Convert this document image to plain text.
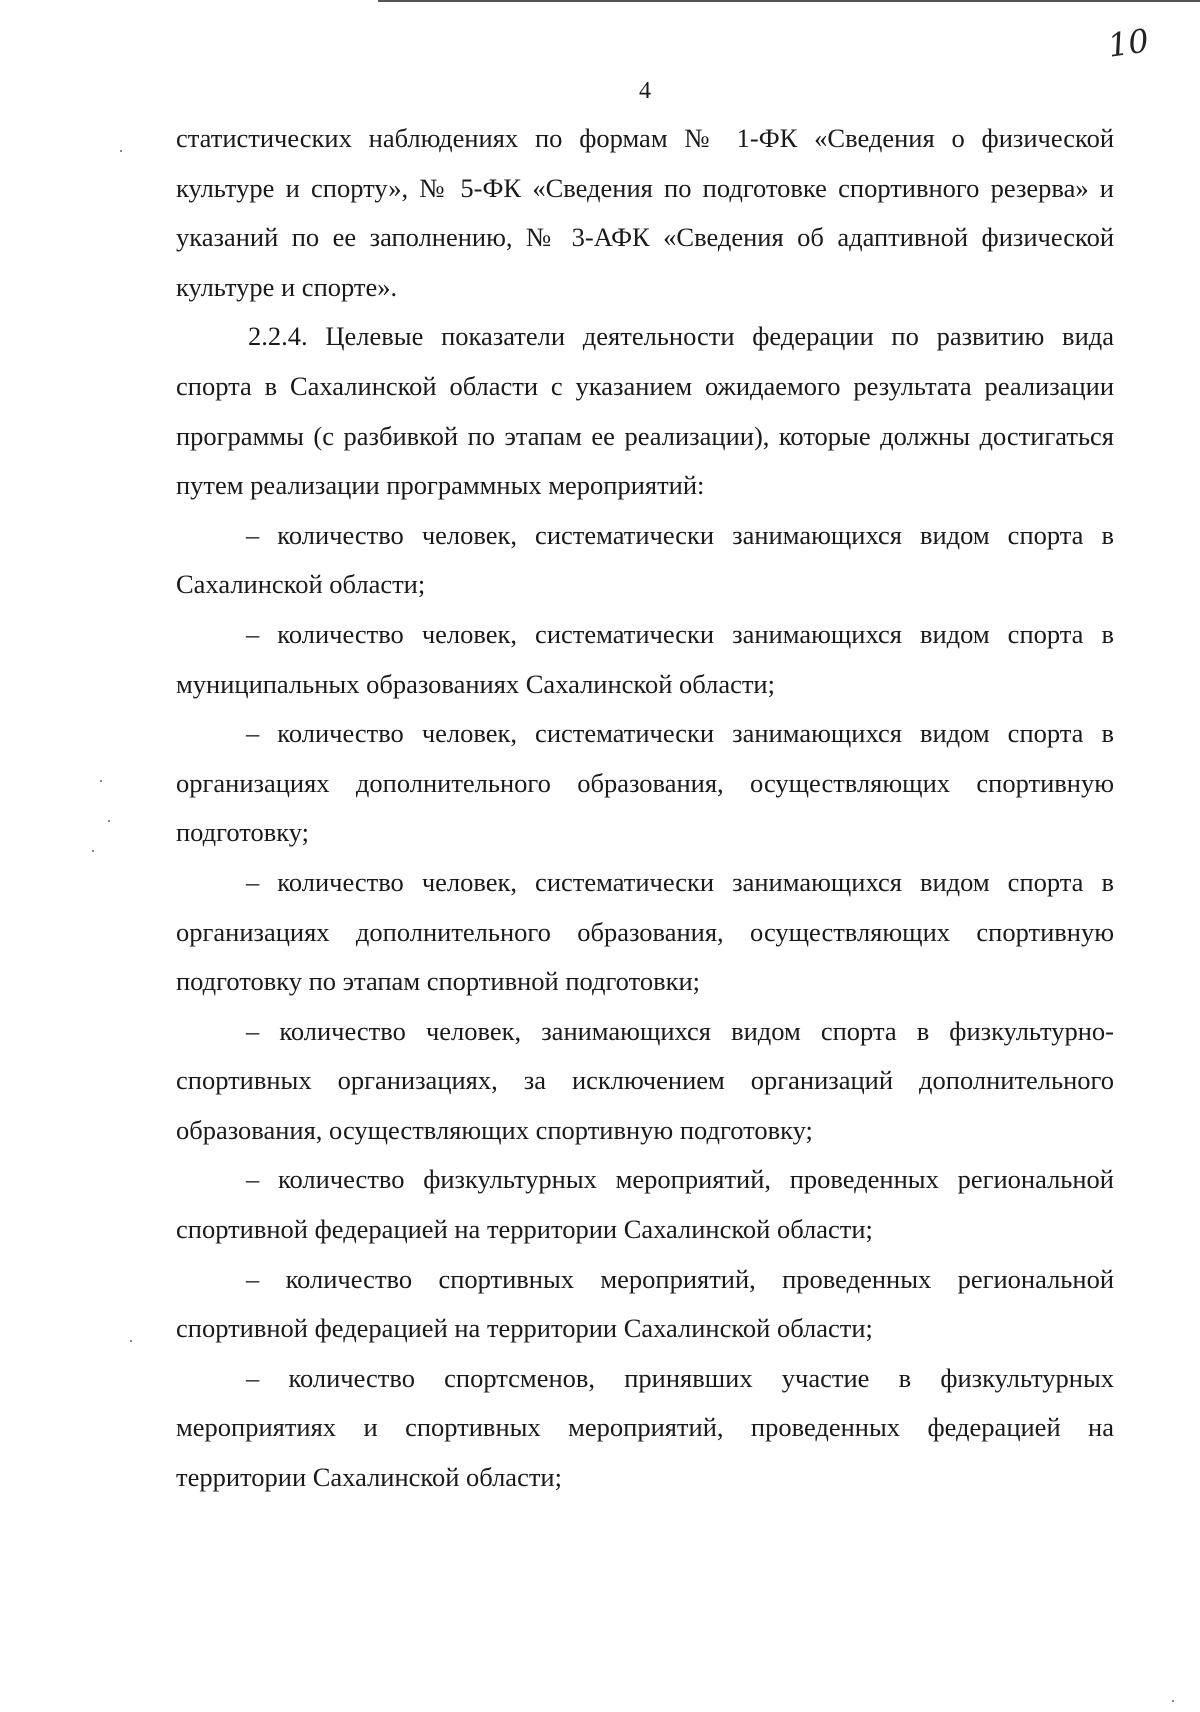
10
4

статистических наблюдениях по формам № 1-ФК «Сведения о физической культуре и спорту», № 5-ФК «Сведения по подготовке спортивного резерва» и указаний по ее заполнению, № 3-АФК «Сведения об адаптивной физической культуре и спорте».

2.2.4. Целевые показатели деятельности федерации по развитию вида спорта в Сахалинской области с указанием ожидаемого результата реализации программы (с разбивкой по этапам ее реализации), которые должны достигаться путем реализации программных мероприятий:

– количество человек, систематически занимающихся видом спорта в Сахалинской области;

– количество человек, систематически занимающихся видом спорта в муниципальных образованиях Сахалинской области;

– количество человек, систематически занимающихся видом спорта в организациях дополнительного образования, осуществляющих спортивную подготовку;

– количество человек, систематически занимающихся видом спорта в организациях дополнительного образования, осуществляющих спортивную подготовку по этапам спортивной подготовки;

– количество человек, занимающихся видом спорта в физкультурно-спортивных организациях, за исключением организаций дополнительного образования, осуществляющих спортивную подготовку;

– количество физкультурных мероприятий, проведенных региональной спортивной федерацией на территории Сахалинской области;

– количество спортивных мероприятий, проведенных региональной спортивной федерацией на территории Сахалинской области;

– количество спортсменов, принявших участие в физкультурных мероприятиях и спортивных мероприятий, проведенных федерацией на территории Сахалинской области;
